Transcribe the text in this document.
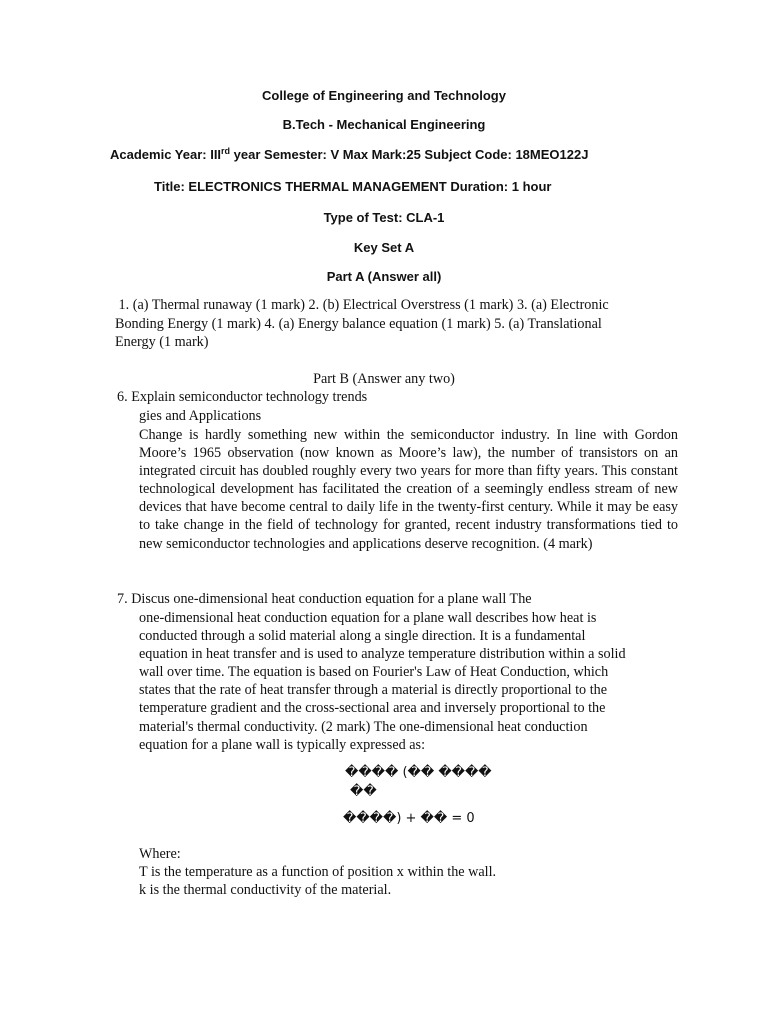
College of Engineering and Technology
B.Tech - Mechanical Engineering
Academic Year: IIIrd year Semester: V Max Mark:25 Subject Code: 18MEO122J
Title: ELECTRONICS THERMAL MANAGEMENT Duration: 1 hour
Type of Test: CLA-1
Key Set A
Part A (Answer all)
1. (a) Thermal runaway (1 mark) 2. (b) Electrical Overstress (1 mark) 3. (a) Electronic
Bonding Energy (1 mark) 4. (a) Energy balance equation (1 mark) 5. (a) Translational
Energy (1 mark)
Part B (Answer any two)
6. Explain semiconductor technology trends
gies and Applications

Change is hardly something new within the semiconductor industry. In line with Gordon Moore’s 1965 observation (now known as Moore’s law), the number of transistors on an integrated circuit has doubled roughly every two years for more than fifty years. This constant technological development has facilitated the creation of a seemingly endless stream of new devices that have become central to daily life in the twenty-first century. While it may be easy to take change in the field of technology for granted, recent industry transformations tied to new semiconductor technologies and applications deserve recognition. (4 mark)

7. Discus one-dimensional heat conduction equation for a plane wall The
one-dimensional heat conduction equation for a plane wall describes how heat is
conducted through a solid material along a single direction. It is a fundamental
equation in heat transfer and is used to analyze temperature distribution within a solid
wall over time. The equation is based on Fourier's Law of Heat Conduction, which
states that the rate of heat transfer through a material is directly proportional to the
temperature gradient and the cross-sectional area and inversely proportional to the
material's thermal conductivity. (2 mark) The one-dimensional heat conduction
equation for a plane wall is typically expressed as:
���� (�� ����
��
����) + �� = 0
Where:
T is the temperature as a function of position x within the wall.
k is the thermal conductivity of the material.
